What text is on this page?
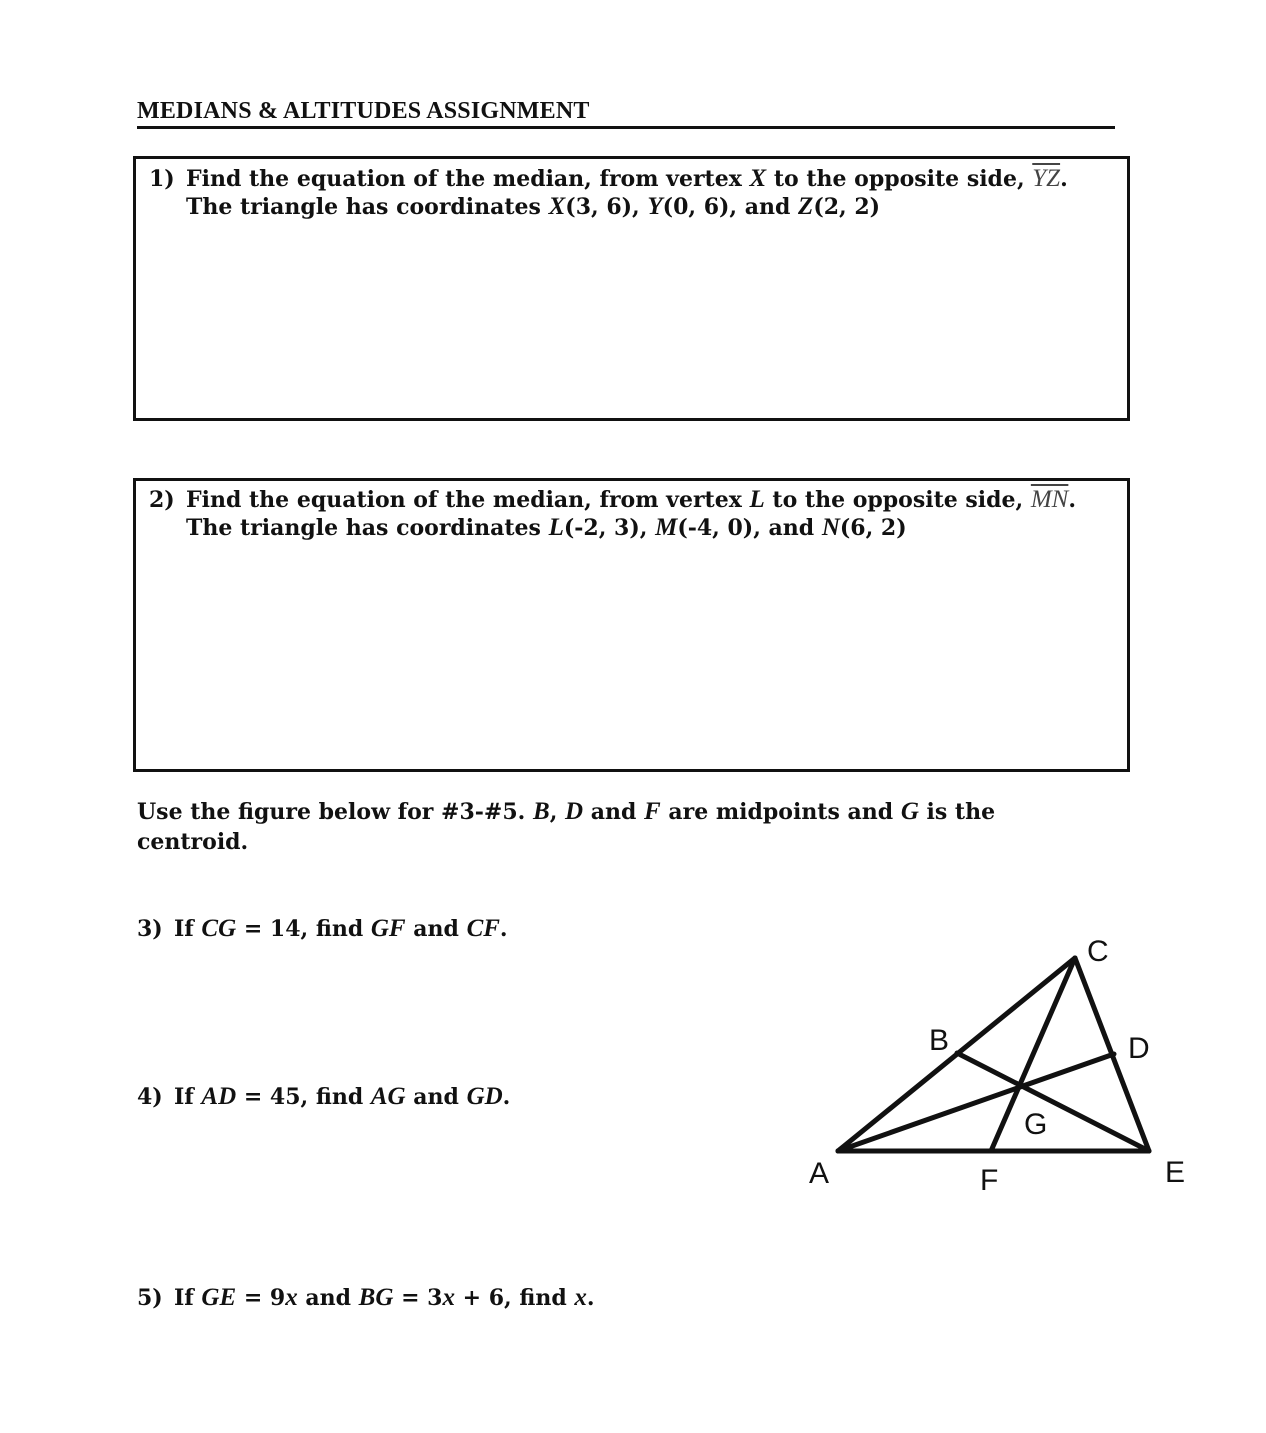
MEDIANS & ALTITUDES ASSIGNMENT
1) Find the equation of the median, from vertex X to the opposite side, $\overline{YZ}$.
The triangle has coordinates X(3, 6), Y(0, 6), and Z(2, 2)
2) Find the equation of the median, from vertex L to the opposite side, $\overline{MN}$.
The triangle has coordinates L(-2, 3), M(-4, 0), and N(6, 2)
Use the figure below for #3-#5. B, D and F are midpoints and G is the
centroid.
3) If CG = 14, find GF and CF.
4) If AD = 45, find AG and GD.
5) If GE = 9x and BG = 3x + 6, find x.
A
B
C
D
E
F
G
